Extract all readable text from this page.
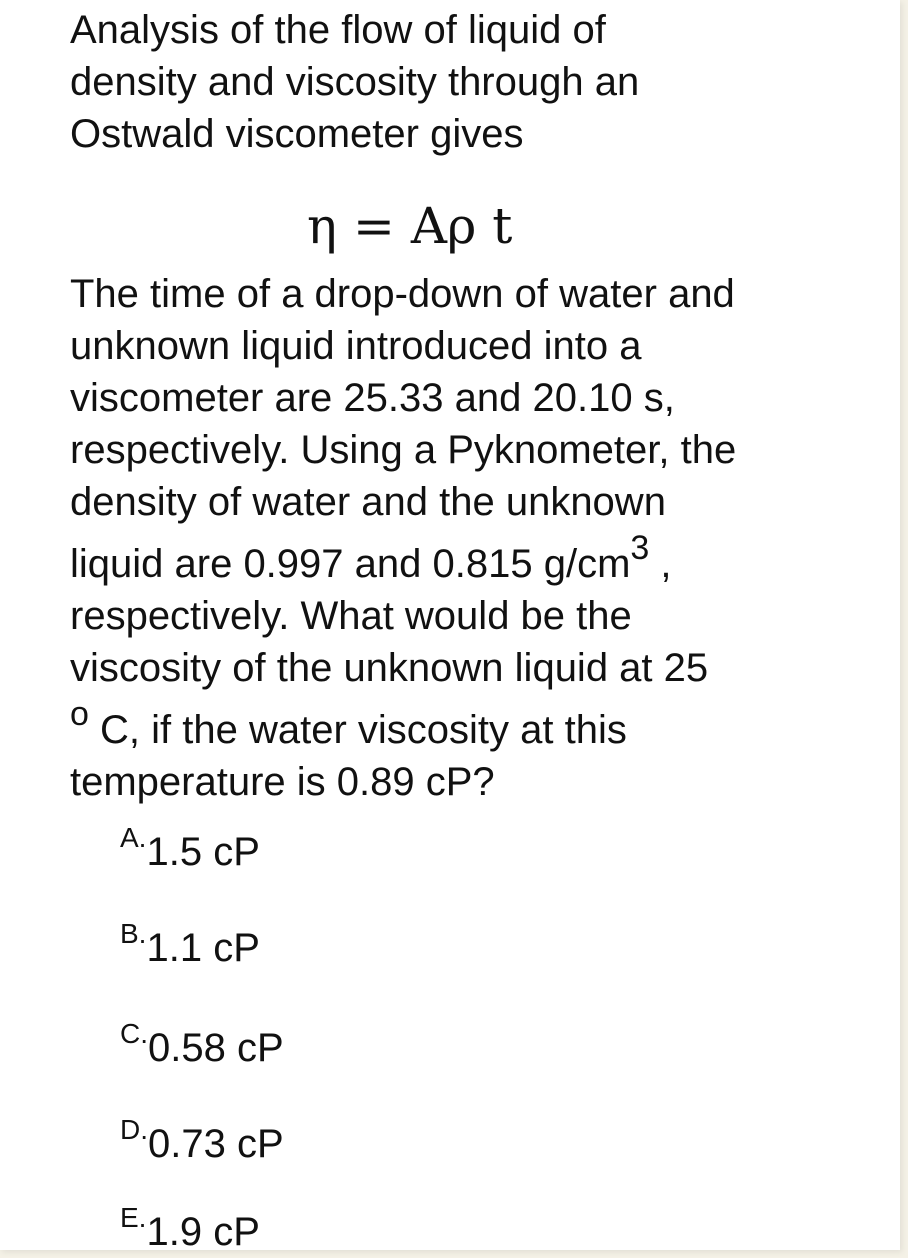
Analysis of the flow of liquid of
density and viscosity through an
Ostwald viscometer gives
η = Aρ t
The time of a drop-down of water and
unknown liquid introduced into a
viscometer are 25.33 and 20.10 s,
respectively. Using a Pyknometer, the
density of water and the unknown
liquid are 0.997 and 0.815 $g/cm^3$ ,
respectively. What would be the
viscosity of the unknown liquid at 25
$^o$ C, if the water viscosity at this
temperature is 0.89 cP?
A.1.5 cP
B.1.1 cP
C.0.58 cP
D.0.73 cP
E.1.9 cP
